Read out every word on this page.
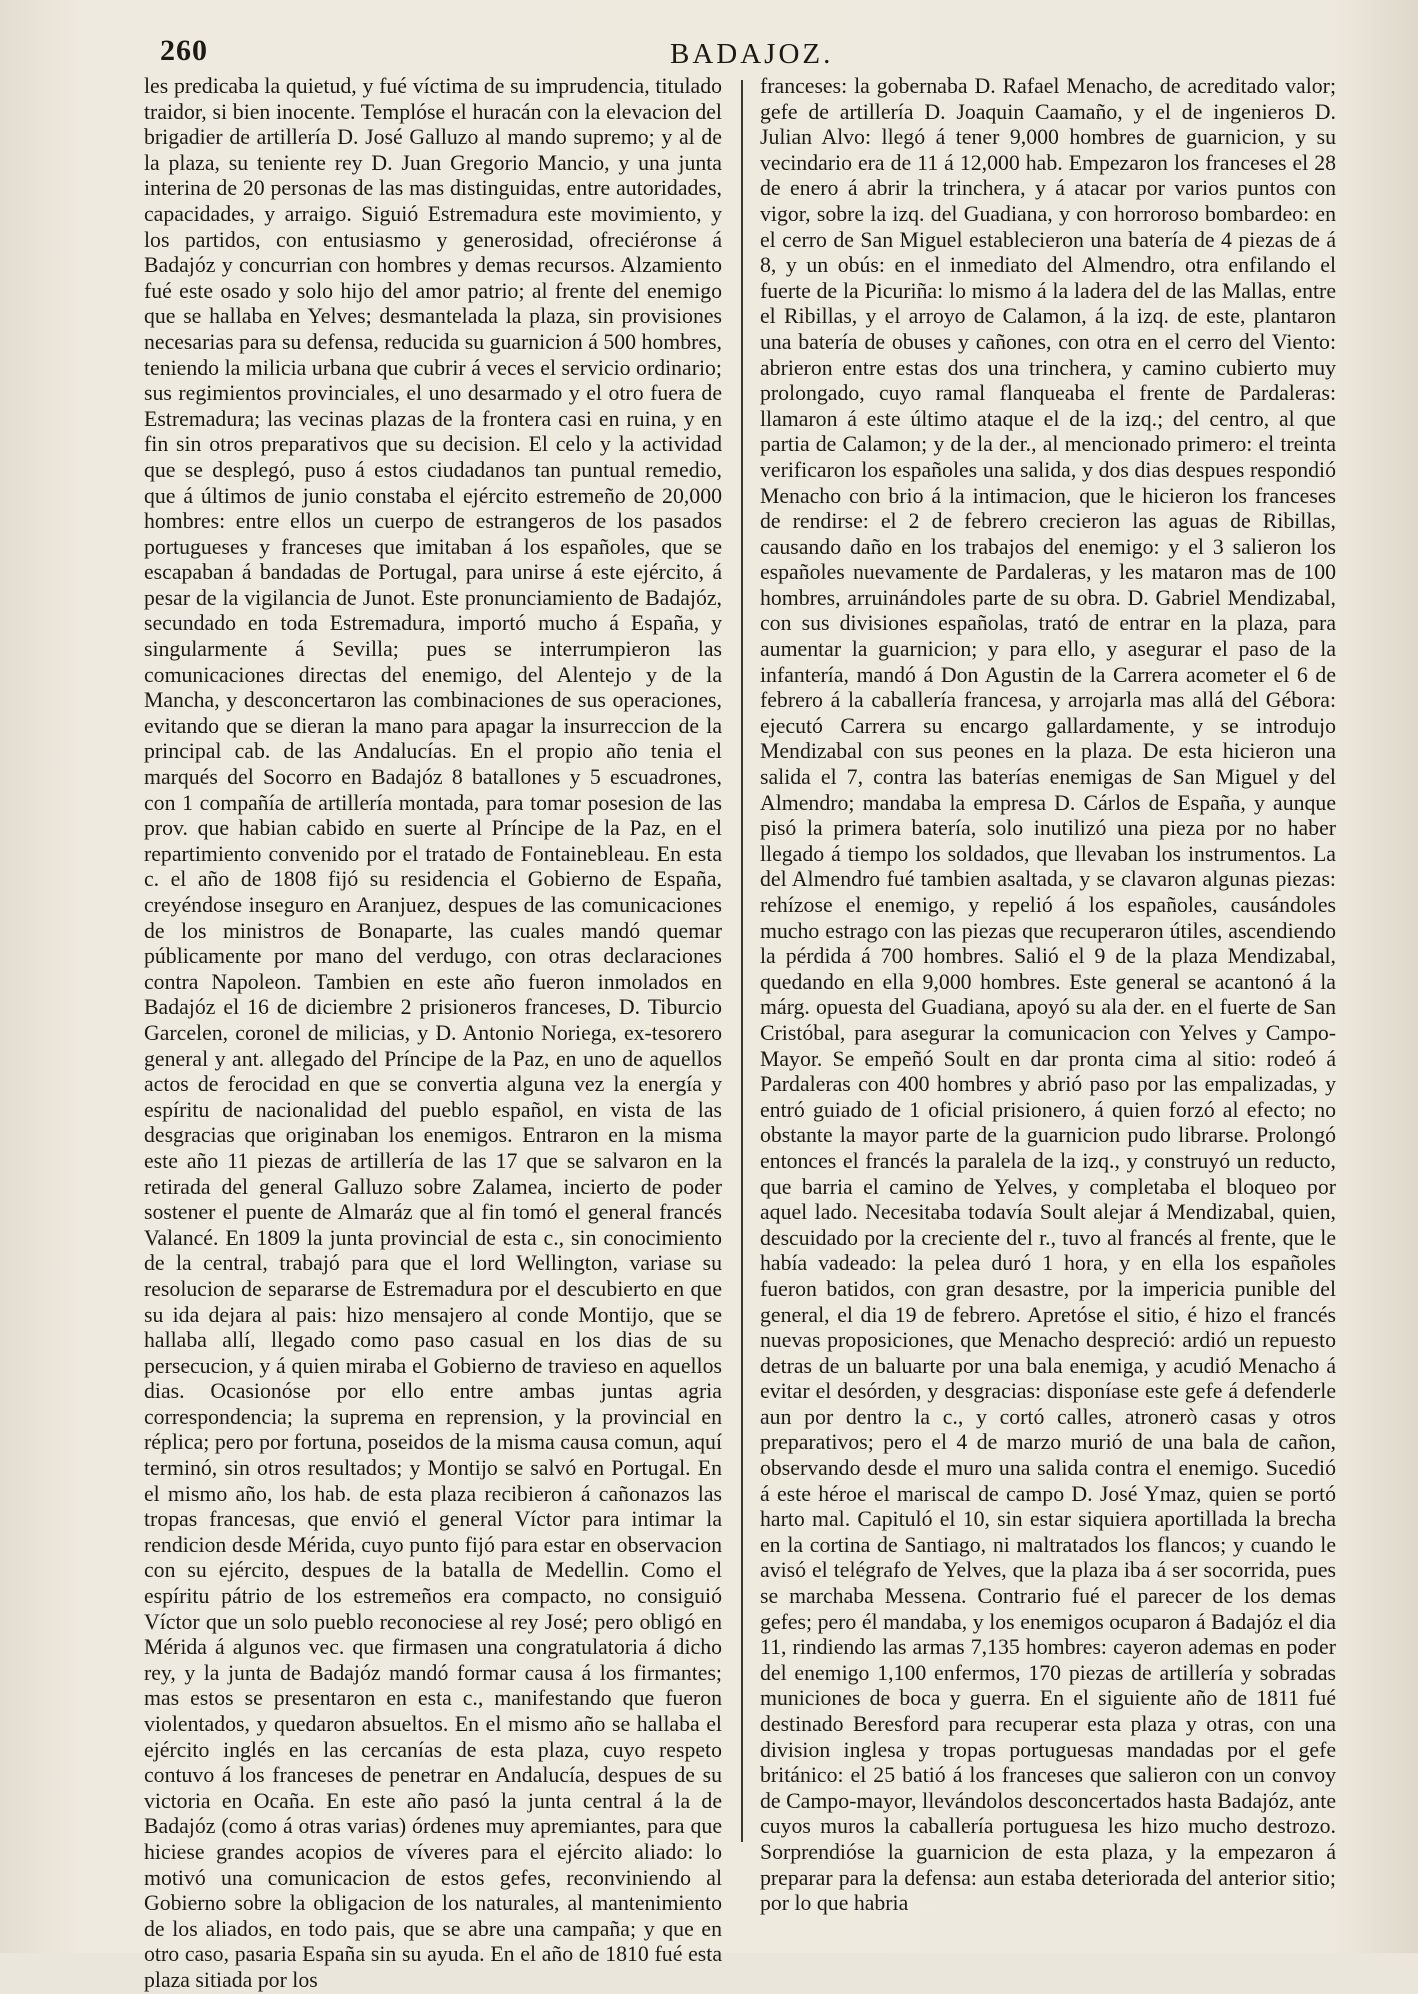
260	BADAJOZ.

les predicaba la quietud, y fué víctima de su imprudencia, titulado traidor, si bien inocente. Templóse el huracán con la elevacion del brigadier de artillería D. José Galluzo al mando supremo; y al de la plaza, su teniente rey D. Juan Gregorio Mancio, y una junta interina de 20 personas de las mas distinguidas, entre autoridades, capacidades, y arraigo. Siguió Estremadura este movimiento, y los partidos, con entusiasmo y generosidad, ofreciéronse á Badajóz y concurrian con hombres y demas recursos. Alzamiento fué este osado y solo hijo del amor patrio; al frente del enemigo que se hallaba en Yelves; desmantelada la plaza, sin provisiones necesarias para su defensa, reducida su guarnicion á 500 hombres, teniendo la milicia urbana que cubrir á veces el servicio ordinario; sus regimientos provinciales, el uno desarmado y el otro fuera de Estremadura; las vecinas plazas de la frontera casi en ruina, y en fin sin otros preparativos que su decision. El celo y la actividad que se desplegó, puso á estos ciudadanos tan puntual remedio, que á últimos de junio constaba el ejército estremeño de 20,000 hombres: entre ellos un cuerpo de estrangeros de los pasados portugueses y franceses que imitaban á los españoles, que se escapaban á bandadas de Portugal, para unirse á este ejército, á pesar de la vigilancia de Junot. Este pronunciamiento de Badajóz, secundado en toda Estremadura, importó mucho á España, y singularmente á Sevilla; pues se interrumpieron las comunicaciones directas del enemigo, del Alentejo y de la Mancha, y desconcertaron las combinaciones de sus operaciones, evitando que se dieran la mano para apagar la insurreccion de la principal cab. de las Andalucías. En el propio año tenia el marqués del Socorro en Badajóz 8 batallones y 5 escuadrones, con 1 compañía de artillería montada, para tomar posesion de las prov. que habian cabido en suerte al Príncipe de la Paz, en el repartimiento convenido por el tratado de Fontainebleau. En esta c. el año de 1808 fijó su residencia el Gobierno de España, creyéndose inseguro en Aranjuez, despues de las comunicaciones de los ministros de Bonaparte, las cuales mandó quemar públicamente por mano del verdugo, con otras declaraciones contra Napoleon. Tambien en este año fueron inmolados en Badajóz el 16 de diciembre 2 prisioneros franceses, D. Tiburcio Garcelen, coronel de milicias, y D. Antonio Noriega, ex-tesorero general y ant. allegado del Príncipe de la Paz, en uno de aquellos actos de ferocidad en que se convertia alguna vez la energía y espíritu de nacionalidad del pueblo español, en vista de las desgracias que originaban los enemigos. Entraron en la misma este año 11 piezas de artillería de las 17 que se salvaron en la retirada del general Galluzo sobre Zalamea, incierto de poder sostener el puente de Almaráz que al fin tomó el general francés Valancé. En 1809 la junta provincial de esta c., sin conocimiento de la central, trabajó para que el lord Wellington, variase su resolucion de separarse de Estremadura por el descubierto en que su ida dejara al pais: hizo mensajero al conde Montijo, que se hallaba allí, llegado como paso casual en los dias de su persecucion, y á quien miraba el Gobierno de travieso en aquellos dias. Ocasionóse por ello entre ambas juntas agria correspondencia; la suprema en reprension, y la provincial en réplica; pero por fortuna, poseidos de la misma causa comun, aquí terminó, sin otros resultados; y Montijo se salvó en Portugal. En el mismo año, los hab. de esta plaza recibieron á cañonazos las tropas francesas, que envió el general Víctor para intimar la rendicion desde Mérida, cuyo punto fijó para estar en observacion con su ejército, despues de la batalla de Medellin. Como el espíritu pátrio de los estremeños era compacto, no consiguió Víctor que un solo pueblo reconociese al rey José; pero obligó en Mérida á algunos vec. que firmasen una congratulatoria á dicho rey, y la junta de Badajóz mandó formar causa á los firmantes; mas estos se presentaron en esta c., manifestando que fueron violentados, y quedaron absueltos. En el mismo año se hallaba el ejército inglés en las cercanías de esta plaza, cuyo respeto contuvo á los franceses de penetrar en Andalucía, despues de su victoria en Ocaña. En este año pasó la junta central á la de Badajóz (como á otras varias) órdenes muy apremiantes, para que hiciese grandes acopios de víveres para el ejército aliado: lo motivó una comunicacion de estos gefes, reconviniendo al Gobierno sobre la obligacion de los naturales, al mantenimiento de los aliados, en todo pais, que se abre una campaña; y que en otro caso, pasaria España sin su ayuda. En el año de 1810 fué esta plaza sitiada por los

franceses: la gobernaba D. Rafael Menacho, de acreditado valor; gefe de artillería D. Joaquin Caamaño, y el de ingenieros D. Julian Alvo: llegó á tener 9,000 hombres de guarnicion, y su vecindario era de 11 á 12,000 hab. Empezaron los franceses el 28 de enero á abrir la trinchera, y á atacar por varios puntos con vigor, sobre la izq. del Guadiana, y con horroroso bombardeo: en el cerro de San Miguel establecieron una batería de 4 piezas de á 8, y un obús: en el inmediato del Almendro, otra enfilando el fuerte de la Picuriña: lo mismo á la ladera del de las Mallas, entre el Ribillas, y el arroyo de Calamon, á la izq. de este, plantaron una batería de obuses y cañones, con otra en el cerro del Viento: abrieron entre estas dos una trinchera, y camino cubierto muy prolongado, cuyo ramal flanqueaba el frente de Pardaleras: llamaron á este último ataque el de la izq.; del centro, al que partia de Calamon; y de la der., al mencionado primero: el treinta verificaron los españoles una salida, y dos dias despues respondió Menacho con brio á la intimacion, que le hicieron los franceses de rendirse: el 2 de febrero crecieron las aguas de Ribillas, causando daño en los trabajos del enemigo: y el 3 salieron los españoles nuevamente de Pardaleras, y les mataron mas de 100 hombres, arruinándoles parte de su obra. D. Gabriel Mendizabal, con sus divisiones españolas, trató de entrar en la plaza, para aumentar la guarnicion; y para ello, y asegurar el paso de la infantería, mandó á Don Agustin de la Carrera acometer el 6 de febrero á la caballería francesa, y arrojarla mas allá del Gébora: ejecutó Carrera su encargo gallardamente, y se introdujo Mendizabal con sus peones en la plaza. De esta hicieron una salida el 7, contra las baterías enemigas de San Miguel y del Almendro; mandaba la empresa D. Cárlos de España, y aunque pisó la primera batería, solo inutilizó una pieza por no haber llegado á tiempo los soldados, que llevaban los instrumentos. La del Almendro fué tambien asaltada, y se clavaron algunas piezas: rehízose el enemigo, y repelió á los españoles, causándoles mucho estrago con las piezas que recuperaron útiles, ascendiendo la pérdida á 700 hombres. Salió el 9 de la plaza Mendizabal, quedando en ella 9,000 hombres. Este general se acantonó á la márg. opuesta del Guadiana, apoyó su ala der. en el fuerte de San Cristóbal, para asegurar la comunicacion con Yelves y Campo-Mayor. Se empeñó Soult en dar pronta cima al sitio: rodeó á Pardaleras con 400 hombres y abrió paso por las empalizadas, y entró guiado de 1 oficial prisionero, á quien forzó al efecto; no obstante la mayor parte de la guarnicion pudo librarse. Prolongó entonces el francés la paralela de la izq., y construyó un reducto, que barria el camino de Yelves, y completaba el bloqueo por aquel lado. Necesitaba todavía Soult alejar á Mendizabal, quien, descuidado por la creciente del r., tuvo al francés al frente, que le había vadeado: la pelea duró 1 hora, y en ella los españoles fueron batidos, con gran desastre, por la impericia punible del general, el dia 19 de febrero. Apretóse el sitio, é hizo el francés nuevas proposiciones, que Menacho despreció: ardió un repuesto detras de un baluarte por una bala enemiga, y acudió Menacho á evitar el desórden, y desgracias: disponíase este gefe á defenderle aun por dentro la c., y cortó calles, atronerò casas y otros preparativos; pero el 4 de marzo murió de una bala de cañon, observando desde el muro una salida contra el enemigo. Sucedió á este héroe el mariscal de campo D. José Ymaz, quien se portó harto mal. Capituló el 10, sin estar siquiera aportillada la brecha en la cortina de Santiago, ni maltratados los flancos; y cuando le avisó el telégrafo de Yelves, que la plaza iba á ser socorrida, pues se marchaba Messena. Contrario fué el parecer de los demas gefes; pero él mandaba, y los enemigos ocuparon á Badajóz el dia 11, rindiendo las armas 7,135 hombres: cayeron ademas en poder del enemigo 1,100 enfermos, 170 piezas de artillería y sobradas municiones de boca y guerra. En el siguiente año de 1811 fué destinado Beresford para recuperar esta plaza y otras, con una division inglesa y tropas portuguesas mandadas por el gefe británico: el 25 batió á los franceses que salieron con un convoy de Campo-mayor, llevándolos desconcertados hasta Badajóz, ante cuyos muros la caballería portuguesa les hizo mucho destrozo. Sorprendióse la guarnicion de esta plaza, y la empezaron á preparar para la defensa: aun estaba deteriorada del anterior sitio; por lo que habria
